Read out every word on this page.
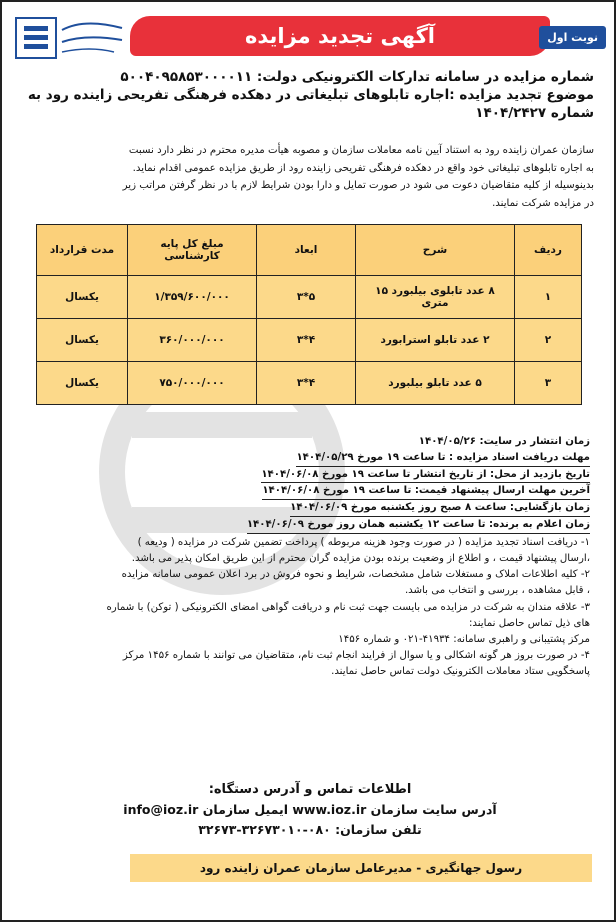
آگهی تجدید مزایده	نوبت اول
شماره مزایده در سامانه تدارکات الکترونیکی دولت: ۵۰۰۴۰۹۵۸۵۳۰۰۰۰۱۱
موضوع تجدید مزایده :اجاره تابلوهای تبلیغاتی در دهکده فرهنگی تفریحی زاینده رود به
شماره ۱۴۰۴/۲۴۲۷
سازمان عمران زاینده رود به استناد آیین نامه معاملات سازمان و مصوبه هیأت مدیره محترم در نظر دارد نسبت
به اجاره تابلوهای تبلیغاتی خود واقع در دهکده فرهنگی تفریحی زاینده رود از طریق مزایده عمومی اقدام نماید.
بدینوسیله از کلیه متقاضیان دعوت می شود در صورت تمایل و دارا بودن شرایط لازم با در نظر گرفتن مراتب زیر
در مزایده شرکت نمایند.
ردیف	شرح	ابعاد	مبلغ کل پایه کارشناسی	مدت قرارداد
۱	۸ عدد تابلوی بیلبورد ۱۵ متری	۵*۳	۱/۳۵۹/۶۰۰/۰۰۰	یکسال
۲	۲ عدد تابلو استرابورد	۴*۳	۳۶۰/۰۰۰/۰۰۰	یکسال
۳	۵ عدد تابلو بیلبورد	۴*۳	۷۵۰/۰۰۰/۰۰۰	یکسال
زمان انتشار در سایت: ۱۴۰۴/۰۵/۲۶
مهلت دریافت اسناد مزایده : تا ساعت ۱۹ مورخ ۱۴۰۴/۰۵/۲۹
تاریخ بازدید از محل: از تاریخ انتشار تا ساعت ۱۹ مورخ ۱۴۰۴/۰۶/۰۸
آخرین مهلت ارسال پیشنهاد قیمت: تا ساعت ۱۹ مورخ ۱۴۰۴/۰۶/۰۸
زمان بازگشایی: ساعت ۸ صبح روز یکشنبه مورخ ۱۴۰۴/۰۶/۰۹
زمان اعلام به برنده: تا ساعت ۱۲ یکشنبه همان روز مورخ ۱۴۰۴/۰۶/۰۹
۱- دریافت اسناد تجدید مزایده ( در صورت وجود هزینه مربوطه ) پرداخت تضمین شرکت در مزایده ( ودیعه )
،ارسال پیشنهاد قیمت ، و اطلاع از وضعیت برنده بودن مزایده گران محترم از این طریق امکان پذیر می باشد.
۲- کلیه اطلاعات املاک و مستغلات شامل مشخصات، شرایط و نحوه فروش در برد اعلان عمومی سامانه مزایده
، قابل مشاهده ، بررسی و انتخاب می باشد.
۳- علاقه مندان به شرکت در مزایده می بایست جهت ثبت نام و دریافت گواهی امضای الکترونیکی ( توکن) با شماره
های ذیل تماس حاصل نمایند:
مرکز پشتیبانی و راهبری سامانه: ۴۱۹۳۴-۰۲۱ و شماره ۱۴۵۶
۴- در صورت بروز هر گونه اشکالی و یا سوال از فرایند انجام ثبت نام، متقاضیان می توانند با شماره ۱۴۵۶ مرکز
پاسخگویی ستاد معاملات الکترونیک دولت تماس حاصل نمایند.
اطلاعات تماس و آدرس دستگاه:
آدرس سایت سازمان www.ioz.ir ایمیل سازمان info@ioz.ir
تلفن سازمان: ۰۸۰-۳۲۶۷۳۰۱۰-۳۲۶۷۳
رسول جهانگیری - مدیرعامل سازمان عمران زاینده رود
